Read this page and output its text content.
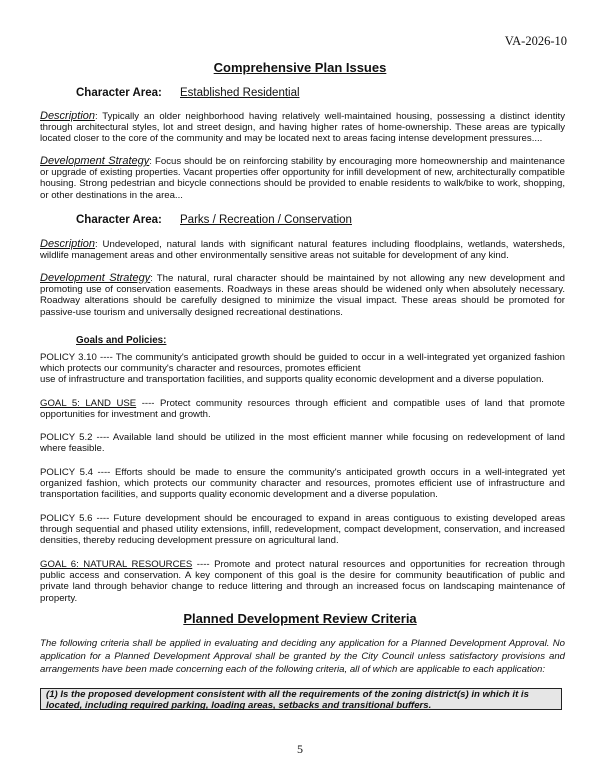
VA-2026-10
Comprehensive Plan Issues
Character Area: Established Residential

Description: Typically an older neighborhood having relatively well-maintained housing, possessing a distinct identity through architectural styles, lot and street design, and having higher rates of home-ownership. These areas are typically located closer to the core of the community and may be located next to areas facing intense development pressures....

Development Strategy: Focus should be on reinforcing stability by encouraging more homeownership and maintenance or upgrade of existing properties. Vacant properties offer opportunity for infill development of new, architecturally compatible housing. Strong pedestrian and bicycle connections should be provided to enable residents to walk/bike to work, shopping, or other destinations in the area...

Character Area: Parks / Recreation / Conservation

Description: Undeveloped, natural lands with significant natural features including floodplains, wetlands, watersheds, wildlife management areas and other environmentally sensitive areas not suitable for development of any kind.

Development Strategy: The natural, rural character should be maintained by not allowing any new development and promoting use of conservation easements. Roadways in these areas should be widened only when absolutely necessary. Roadway alterations should be carefully designed to minimize the visual impact. These areas should be promoted for passive-use tourism and universally designed recreational destinations.

Goals and Policies:

POLICY 3.10 ---- The community's anticipated growth should be guided to occur in a well-integrated yet organized fashion which protects our community's character and resources, promotes efficient

use of infrastructure and transportation facilities, and supports quality economic development and a diverse population.

GOAL 5: LAND USE ---- Protect community resources through efficient and compatible uses of land that promote opportunities for investment and growth.

POLICY 5.2 ---- Available land should be utilized in the most efficient manner while focusing on redevelopment of land where feasible.

POLICY 5.4 ---- Efforts should be made to ensure the community's anticipated growth occurs in a well-integrated yet organized fashion, which protects our community character and resources, promotes efficient use of infrastructure and transportation facilities, and supports quality economic development and a diverse population.

POLICY 5.6 ---- Future development should be encouraged to expand in areas contiguous to existing developed areas through sequential and phased utility extensions, infill, redevelopment, compact development, conservation, and increased densities, thereby reducing development pressure on agricultural land.

GOAL 6: NATURAL RESOURCES ---- Promote and protect natural resources and opportunities for recreation through public access and conservation. A key component of this goal is the desire for community beautification of public and private land through behavior change to reduce littering and through an increased focus on landscaping maintenance of property.

Planned Development Review Criteria
The following criteria shall be applied in evaluating and deciding any application for a Planned Development Approval. No application for a Planned Development Approval shall be granted by the City Council unless satisfactory provisions and arrangements have been made concerning each of the following criteria, all of which are applicable to each application:
(1) Is the proposed development consistent with all the requirements of the zoning district(s) in which it is located, including required parking, loading areas, setbacks and transitional buffers.
5
